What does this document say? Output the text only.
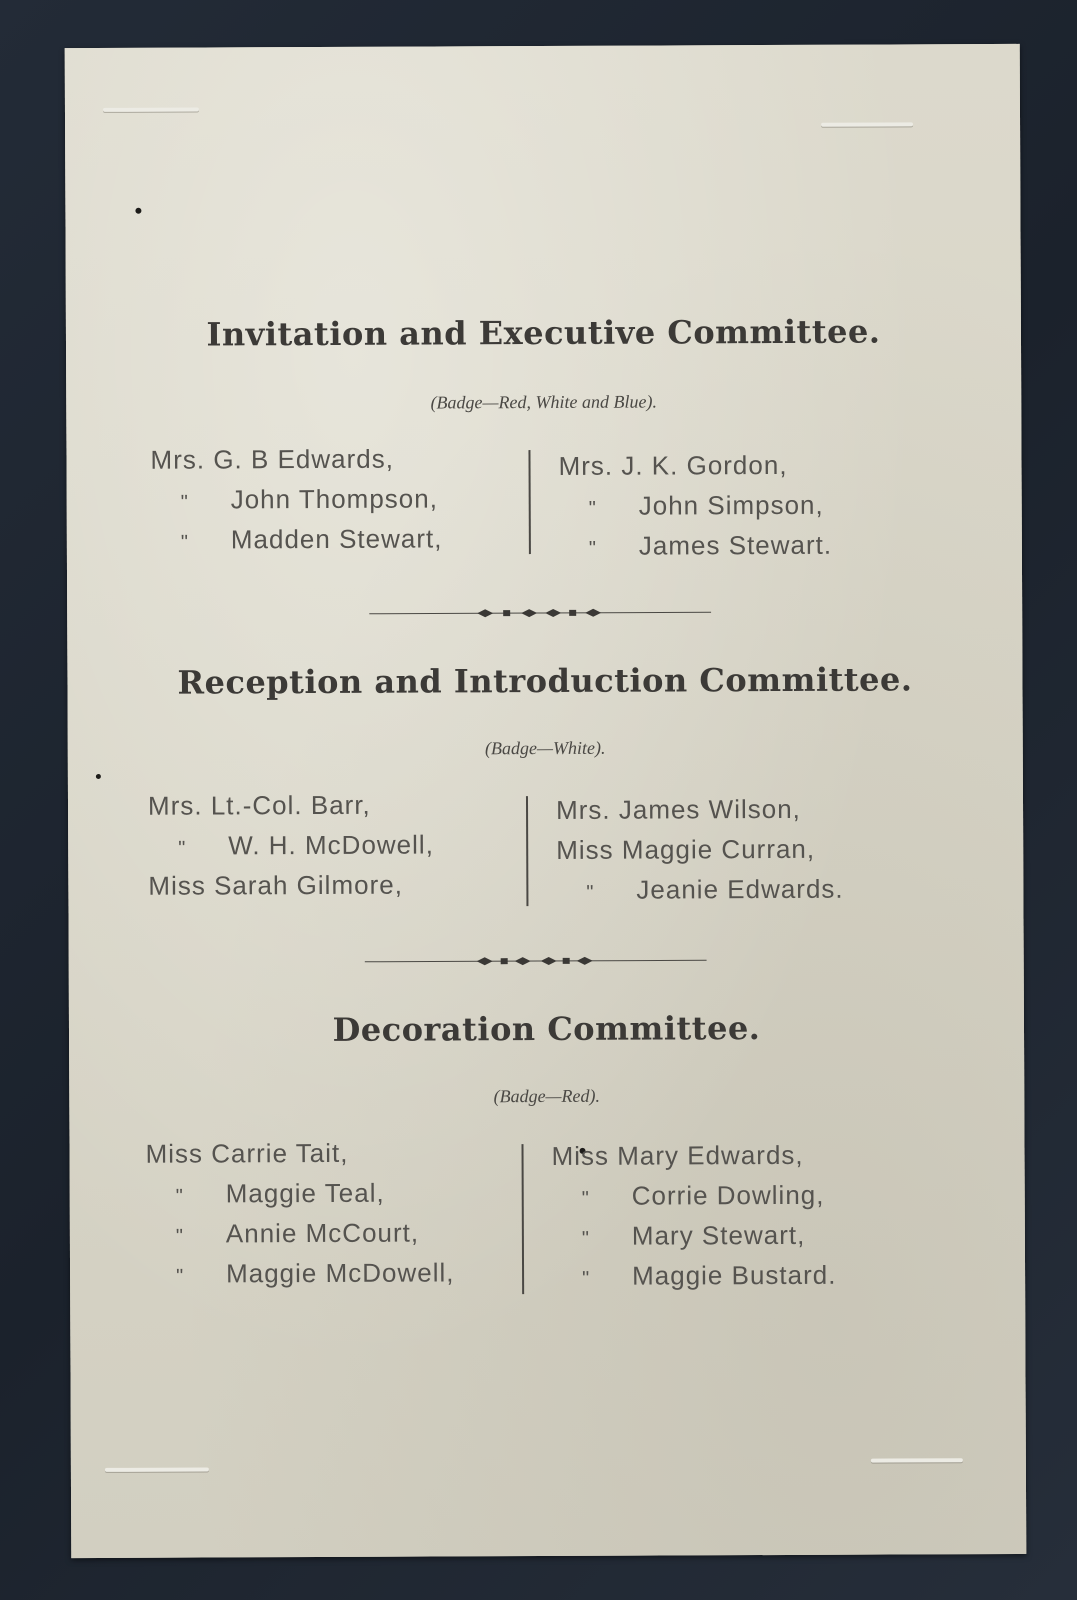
Invitation and Executive Committee.
(Badge—Red, White and Blue).
Mrs. G. B Edwards,
" John Thompson,
" Madden Stewart,
Mrs. J. K. Gordon,
" John Simpson,
" James Stewart.
Reception and Introduction Committee.
(Badge—White).
Mrs. Lt.-Col. Barr,
" W. H. McDowell,
Miss Sarah Gilmore,
Mrs. James Wilson,
Miss Maggie Curran,
" Jeanie Edwards.
Decoration Committee.
(Badge—Red).
Miss Carrie Tait,
" Maggie Teal,
" Annie McCourt,
" Maggie McDowell,
Miss Mary Edwards,
" Corrie Dowling,
" Mary Stewart,
" Maggie Bustard.
